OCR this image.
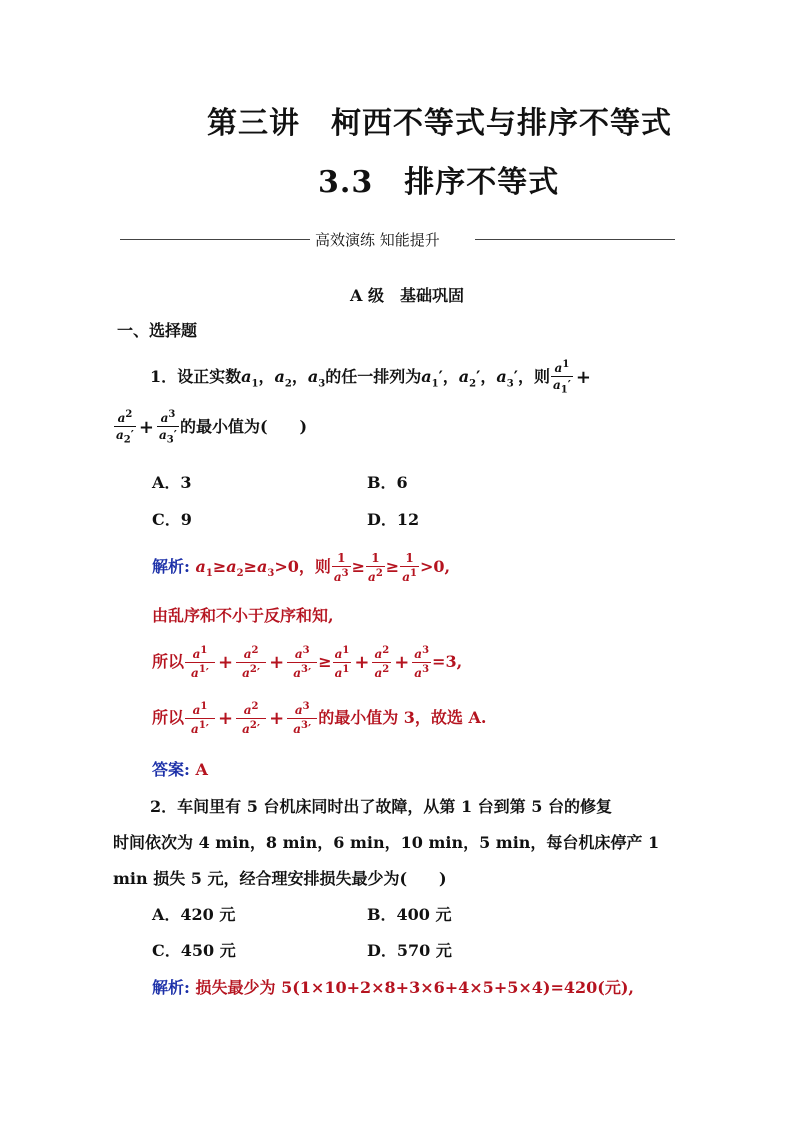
第三讲　柯西不等式与排序不等式
3.3　排序不等式
高效演练 知能提升
A 级　基础巩固
一、选择题
1．设正实数$a_1$，$a_2$，$a_3$的任一排列为$a_1'$，$a_2'$，$a_3'$，则 $\frac{a^1}{a_1'}$ +
$\frac{a^2}{a_2'} + \frac{a^3}{a_3'}$ 的最小值为(　　)
A．3	B．6
C．9	D．12
解析: $a_1\ge a_2\ge a_3>0$，则 $\frac{1}{a^3} \ge \frac{1}{a^2} \ge \frac{1}{a^1} >0$,
由乱序和不小于反序和知,
所以 $\frac{a^1}{a^1'} + \frac{a^2}{a^2'} + \frac{a^3}{a^3'} \ge \frac{a^1}{a^1} + \frac{a^2}{a^2} + \frac{a^3}{a^3} =3$,
所以 $\frac{a^1}{a^1'} + \frac{a^2}{a^2'} + \frac{a^3}{a^3'}$ 的最小值为 3，故选 A.
答案: A

2．车间里有 5 台机床同时出了故障，从第 1 台到第 5 台的修复
时间依次为 4 min，8 min，6 min，10 min，5 min，每台机床停产 1
min 损失 5 元，经合理安排损失最少为(　　)
A．420 元	B．400 元
C．450 元	D．570 元
解析: 损失最少为 5(1×10+2×8+3×6+4×5+5×4)=420(元),
